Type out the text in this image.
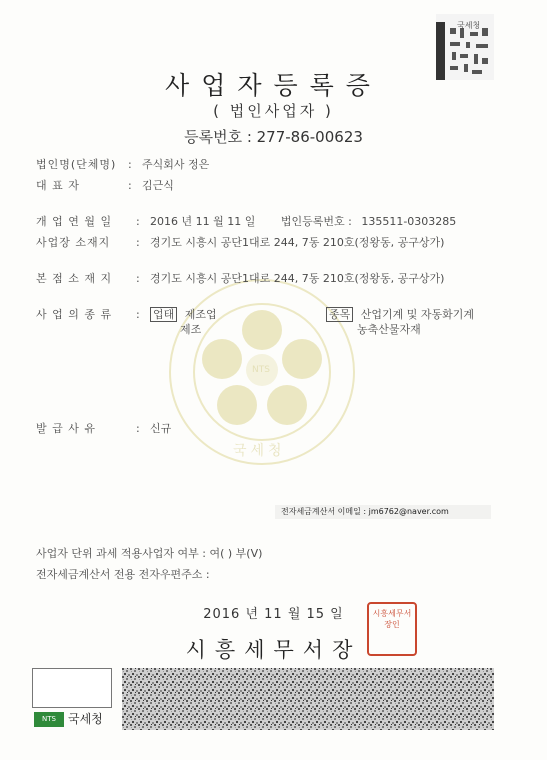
국세청
NTS
국세청
사업자등록증
( 법인사업자 )
등록번호 : 277-86-00623
법인명(단체명) : 주식회사 정은
대 표 자	: 김근식
개 업 연 월 일 : 2016 년 11 월 11 일 법인등록번호 : 135511-0303285
사업장 소재지 : 경기도 시흥시 공단1대로 244, 7동 210호(정왕동, 공구상가)
본 점 소 재 지 : 경기도 시흥시 공단1대로 244, 7동 210호(정왕동, 공구상가)
사 업 의 종 류 : 업태 제조업
제조
종목 산업기계 및 자동화기계
농축산물자재
발 급 사 유	: 신규
전자세금계산서 이메일 : jm6762@naver.com
사업자 단위 과세 적용사업자 여부 : 여( ) 부(V)
전자세금계산서 전용 전자우편주소 :
2016 년 11 월 15 일
시흥세무서장
시흥세무서장인
NTS 국세청
